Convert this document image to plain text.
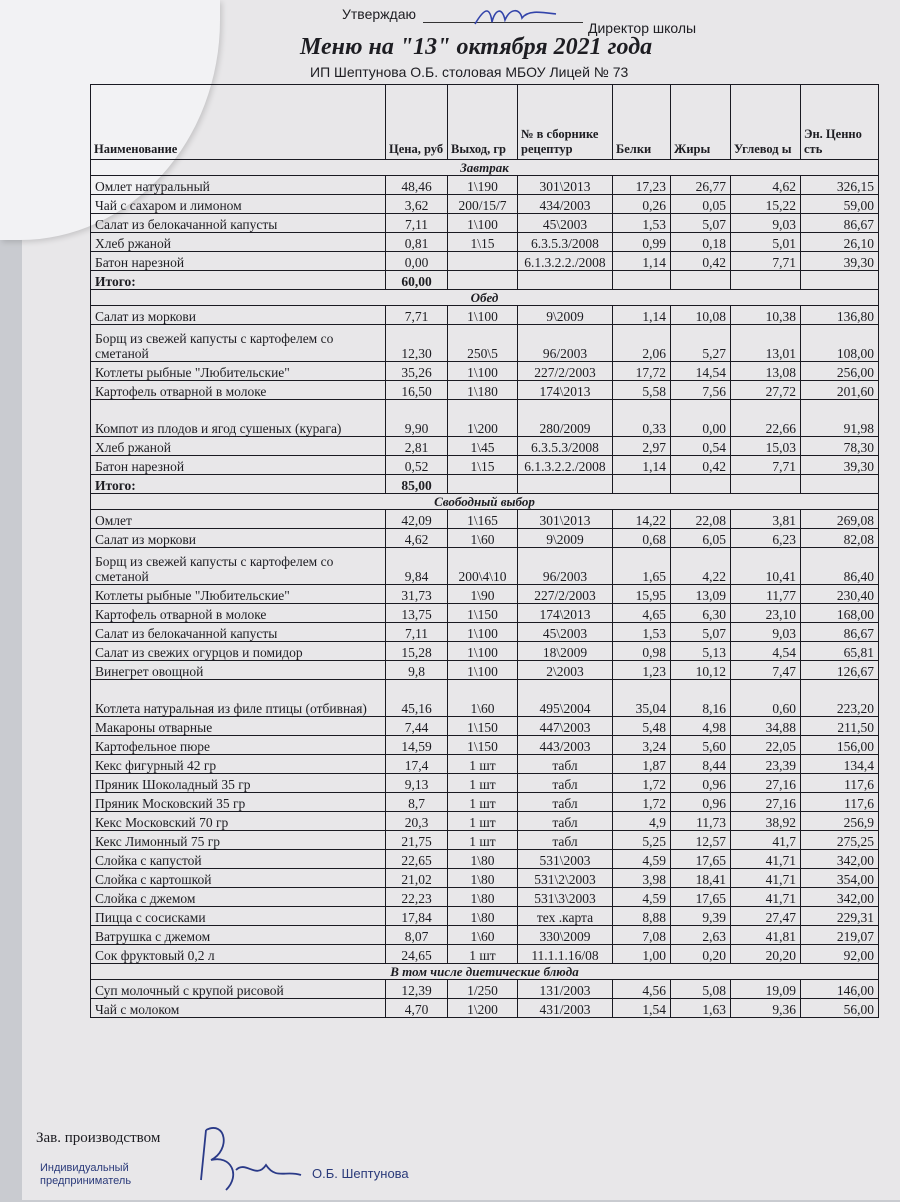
Утверждаю
Директор школы
Меню на "13" октября 2021 года
ИП Шептунова О.Б. столовая МБОУ Лицей № 73
Наименование	Цена, руб	Выход, гр	№ в сборнике рецептур	Белки	Жиры	Углевод ы	Эн. Ценно сть
Завтрак							
Омлет натуральный	48,46	1\190	301\2013	17,23	26,77	4,62	326,15
Чай с сахаром и лимоном	3,62	200/15/7	434/2003	0,26	0,05	15,22	59,00
Салат из белокачанной капусты	7,11	1\100	45\2003	1,53	5,07	9,03	86,67
Хлеб ржаной	0,81	1\15	6.3.5.3/2008	0,99	0,18	5,01	26,10
Батон нарезной	0,00		6.1.3.2.2./2008	1,14	0,42	7,71	39,30
Итого:	60,00						
Обед							
Салат из моркови	7,71	1\100	9\2009	1,14	10,08	10,38	136,80
Борщ из свежей капусты с картофелем со сметаной	12,30	250\5	96/2003	2,06	5,27	13,01	108,00
Котлеты рыбные "Любительские"	35,26	1\100	227/2/2003	17,72	14,54	13,08	256,00
Картофель отварной в молоке	16,50	1\180	174\2013	5,58	7,56	27,72	201,60
Компот из плодов и ягод сушеных (курага)	9,90	1\200	280/2009	0,33	0,00	22,66	91,98
Хлеб ржаной	2,81	1\45	6.3.5.3/2008	2,97	0,54	15,03	78,30
Батон нарезной	0,52	1\15	6.1.3.2.2./2008	1,14	0,42	7,71	39,30
Итого:	85,00						
Свободный выбор							
Омлет	42,09	1\165	301\2013	14,22	22,08	3,81	269,08
Салат из моркови	4,62	1\60	9\2009	0,68	6,05	6,23	82,08
Борщ из свежей капусты с картофелем со сметаной	9,84	200\4\10	96/2003	1,65	4,22	10,41	86,40
Котлеты рыбные "Любительские"	31,73	1\90	227/2/2003	15,95	13,09	11,77	230,40
Картофель отварной в молоке	13,75	1\150	174\2013	4,65	6,30	23,10	168,00
Салат из белокачанной капусты	7,11	1\100	45\2003	1,53	5,07	9,03	86,67
Салат из свежих огурцов и помидор	15,28	1\100	18\2009	0,98	5,13	4,54	65,81
Винегрет овощной	9,8	1\100	2\2003	1,23	10,12	7,47	126,67
Котлета натуральная из филе птицы (отбивная)	45,16	1\60	495\2004	35,04	8,16	0,60	223,20
Макароны отварные	7,44	1\150	447\2003	5,48	4,98	34,88	211,50
Картофельное пюре	14,59	1\150	443/2003	3,24	5,60	22,05	156,00
Кекс фигурный 42 гр	17,4	1 шт	табл	1,87	8,44	23,39	134,4
Пряник Шоколадный 35 гр	9,13	1 шт	табл	1,72	0,96	27,16	117,6
Пряник Московский 35 гр	8,7	1 шт	табл	1,72	0,96	27,16	117,6
Кекс Московский 70 гр	20,3	1 шт	табл	4,9	11,73	38,92	256,9
Кекс Лимонный 75 гр	21,75	1 шт	табл	5,25	12,57	41,7	275,25
Слойка с капустой	22,65	1\80	531\2003	4,59	17,65	41,71	342,00
Слойка с картошкой	21,02	1\80	531\2\2003	3,98	18,41	41,71	354,00
Слойка с джемом	22,23	1\80	531\3\2003	4,59	17,65	41,71	342,00
Пицца с сосисками	17,84	1\80	тех .карта	8,88	9,39	27,47	229,31
Ватрушка с джемом	8,07	1\60	330\2009	7,08	2,63	41,81	219,07
Сок фруктовый 0,2 л	24,65	1 шт	11.1.1.16/08	1,00	0,20	20,20	92,00
В том числе диетические блюда							
Суп молочный с крупой рисовой	12,39	1/250	131/2003	4,56	5,08	19,09	146,00
Чай с молоком	4,70	1\200	431/2003	1,54	1,63	9,36	56,00
Зав. производством
Индивидуальный предприниматель	О.Б. Шептунова
